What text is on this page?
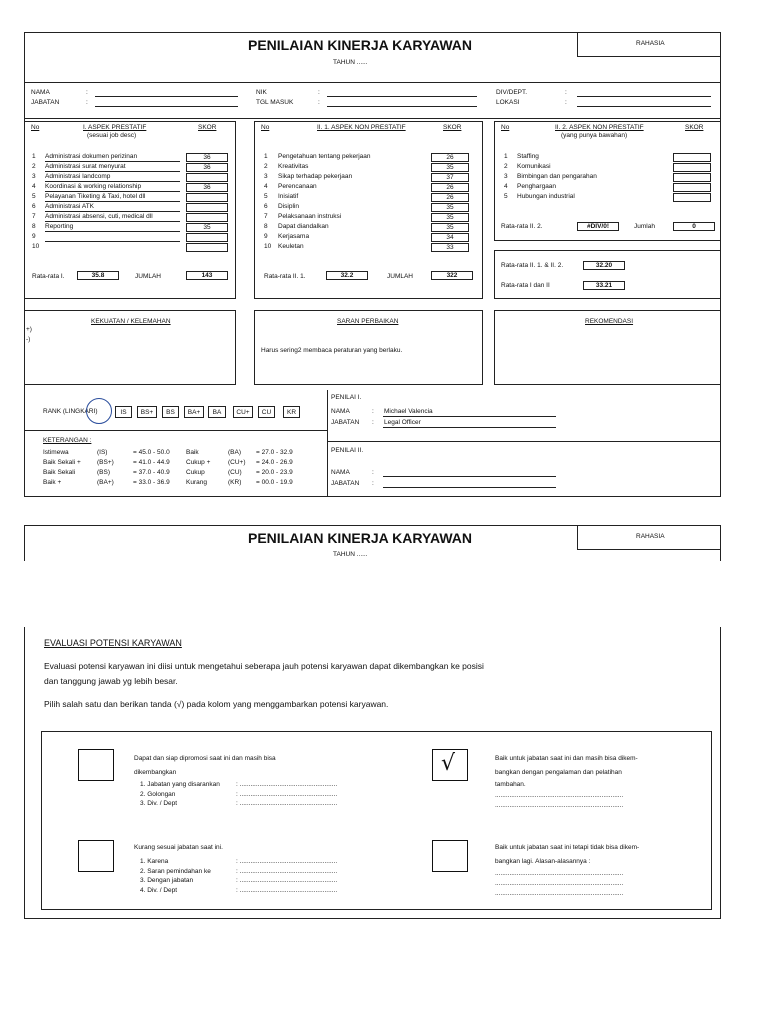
RAHASIA
PENILAIAN KINERJA KARYAWAN
TAHUN ......
NAMA	:
JABATAN	:
NIK	:
TGL MASUK	:
DIV/DEPT.	:
LOKASI	:
No	I. ASPEK PRESTATIF
(sesuai job desc)
SKOR
Rata-rata I.	35.8	JUMLAH	143
1 Administrasi dokumen perizinan	36
2 Administrasi surat menyurat	36
3 Administrasi landcomp
4 Koordinasi & working relationship	36
5 Pelayanan Tiketing & Taxi, hotel dll
6 Administrasi ATK
7 Administrasi absensi, cuti, medical dll
8 Reporting	35
9
10
No	II. 1. ASPEK NON PRESTATIF	SKOR
Rata-rata II. 1.	32.2	JUMLAH	322
1 Pengetahuan tentang pekerjaan	26
2 Kreativitas	35
3 Sikap terhadap pekerjaan	37
4 Perencanaan	26
5 Inisiatif	26
6 Disiplin	35
7 Pelaksanaan instruksi	35
8 Dapat diandalkan	35
9 Kerjasama	34
10 Keuletan	33
No	II. 2. ASPEK NON PRESTATIF
(yang punya bawahan)
SKOR
Rata-rata II. 2.	#DIV/0!	Jumlah	0
1 Staffing
2 Komunikasi
3 Bimbingan dan pengarahan
4 Penghargaan
5 Hubungan industrial
Rata-rata II. 1. & II. 2.	32.20
Rata-rata I dan II	33.21
KEKUATAN / KELEMAHAN
+)
-)
SARAN PERBAIKAN
Harus sering2 membaca peraturan yang berlaku.
REKOMENDASI
RANK (LINGKARI)	IS	BS+	BS	BA+	BA	CU+	CU	KR
KETERANGAN :
Istimewa	(IS)	= 45.0 - 50.0	Baik	(BA) = 27.0 - 32.9
Baik Sekali + (BS+)	= 41.0 - 44.9	Cukup +	(CU+) = 24.0 - 26.9
Baik Sekali	(BS)	= 37.0 - 40.9	Cukup	(CU) = 20.0 - 23.9
Baik +	(BA+)	= 33.0 - 36.9	Kurang	(KR) = 00.0 - 19.9
PENILAI I.
NAMA	: Michael Valencia
JABATAN : Legal Officer
PENILAI II.
NAMA	:
JABATAN :
RAHASIA
PENILAIAN KINERJA KARYAWAN
TAHUN ......
EVALUASI POTENSI KARYAWAN
Evaluasi potensi karyawan ini diisi untuk mengetahui seberapa jauh potensi karyawan dapat dikembangkan ke posisi
dan tanggung jawab yg lebih besar.
Pilih salah satu dan berikan tanda (√) pada kolom yang menggambarkan potensi karyawan.
Dapat dan siap dipromosi saat ini dan masih bisa
dikembangkan
1. Jabatan yang disarankan : ......................................................
2. Golongan	: ......................................................
3. Div. / Dept	: ......................................................
√	Baik untuk jabatan saat ini dan masih bisa dikem-
bangkan dengan pengalaman dan pelatihan
tambahan.
.......................................................................
.......................................................................
Kurang sesuai jabatan saat ini.
1. Karena	: ......................................................
2. Saran pemindahan ke	: ......................................................
3. Dengan jabatan	: ......................................................
4. Div. / Dept	: ......................................................
Baik untuk jabatan saat ini tetapi tidak bisa dikem-
bangkan lagi. Alasan-alasannya :
.......................................................................
.......................................................................
.......................................................................
